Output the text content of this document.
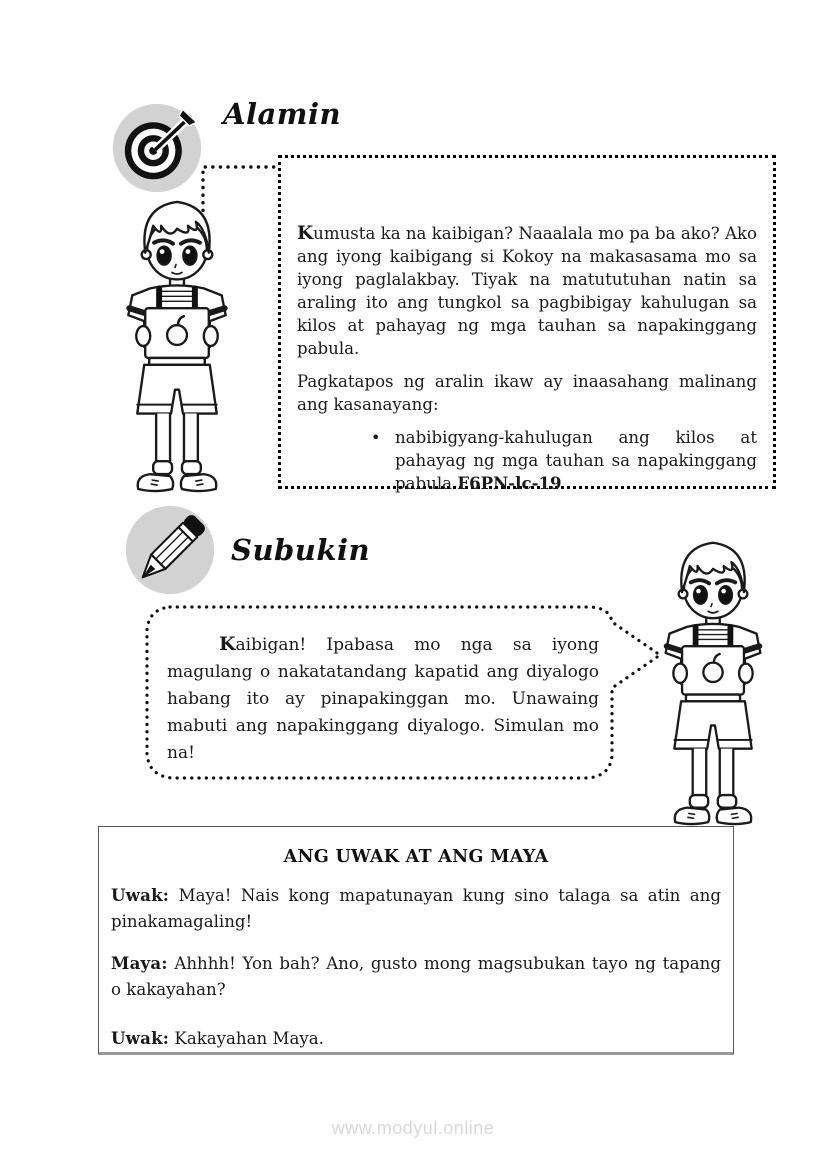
Alamin

Kumusta ka na kaibigan? Naaalala mo pa ba ako? Ako ang iyong kaibigang si Kokoy na makasasama mo sa iyong paglalakbay. Tiyak na matututuhan natin sa araling ito ang tungkol sa pagbibigay kahulugan sa kilos at pahayag ng mga tauhan sa napakinggang pabula.

Pagkatapos ng aralin ikaw ay inaasahang malinang ang kasanayang:

• nabibigyang-kahulugan ang kilos at pahayag ng mga tauhan sa napakinggang pabula F6PN-lc-19

Subukin
Kaibigan! Ipabasa mo nga sa iyong magulang o nakatatandang kapatid ang diyalogo habang ito ay pinapakinggan mo. Unawaing mabuti ang napakinggang diyalogo. Simulan mo na!
ANG UWAK AT ANG MAYA

Uwak: Maya! Nais kong mapatunayan kung sino talaga sa atin ang pinakamagaling!

Maya: Ahhhh! Yon bah? Ano, gusto mong magsubukan tayo ng tapang o kakayahan?

Uwak: Kakayahan Maya.

www.modyul.online
